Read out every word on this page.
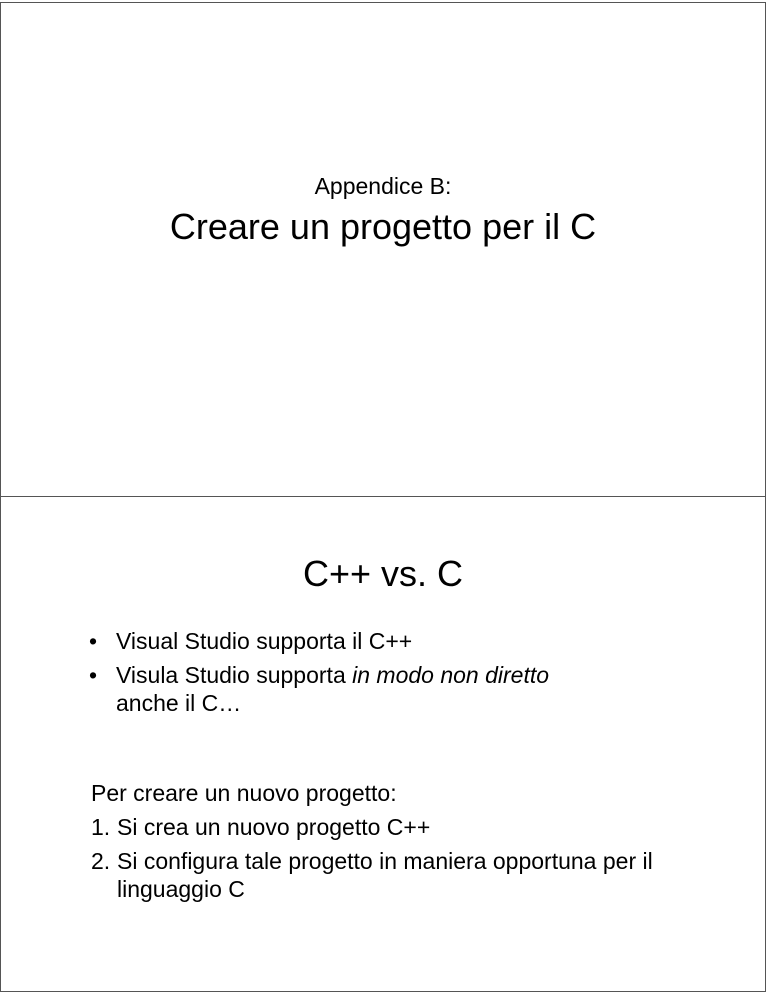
Appendice B:
Creare un progetto per il C
C++ vs. C
• Visual Studio supporta il C++
• Visula Studio supporta in modo non diretto
anche il C…
Per creare un nuovo progetto:
1. Si crea un nuovo progetto C++
2. Si configura tale progetto in maniera opportuna per il linguaggio C
